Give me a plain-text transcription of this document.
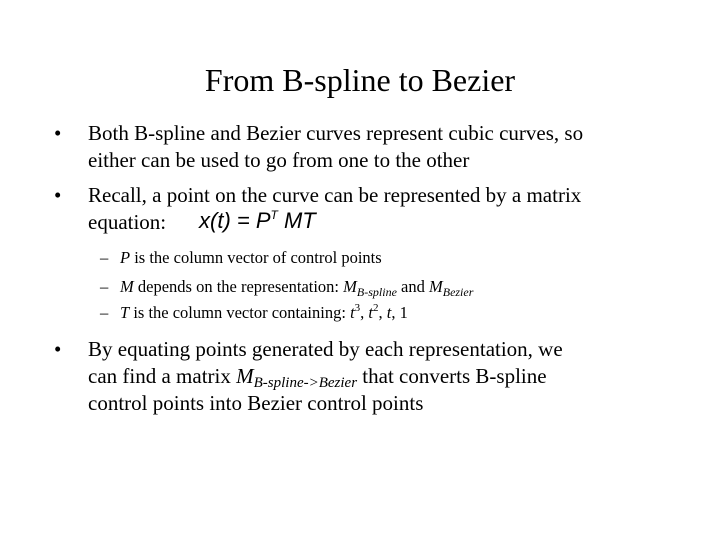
From B-spline to Bezier
• Both B-spline and Bezier curves represent cubic curves, so
either can be used to go from one to the other
• Recall, a point on the curve can be represented by a matrix
equation:	$x(t) = P^T$ MT
– P is the column vector of control points
– M depends on the representation: $M_{B-spline}$ and $M_{Bezier}$
– T is the column vector containing: $t^3$, $t^2$, t, 1
• By equating points generated by each representation, we
can find a matrix $M_{B-spline->Bezier}$ that converts B-spline
control points into Bezier control points
